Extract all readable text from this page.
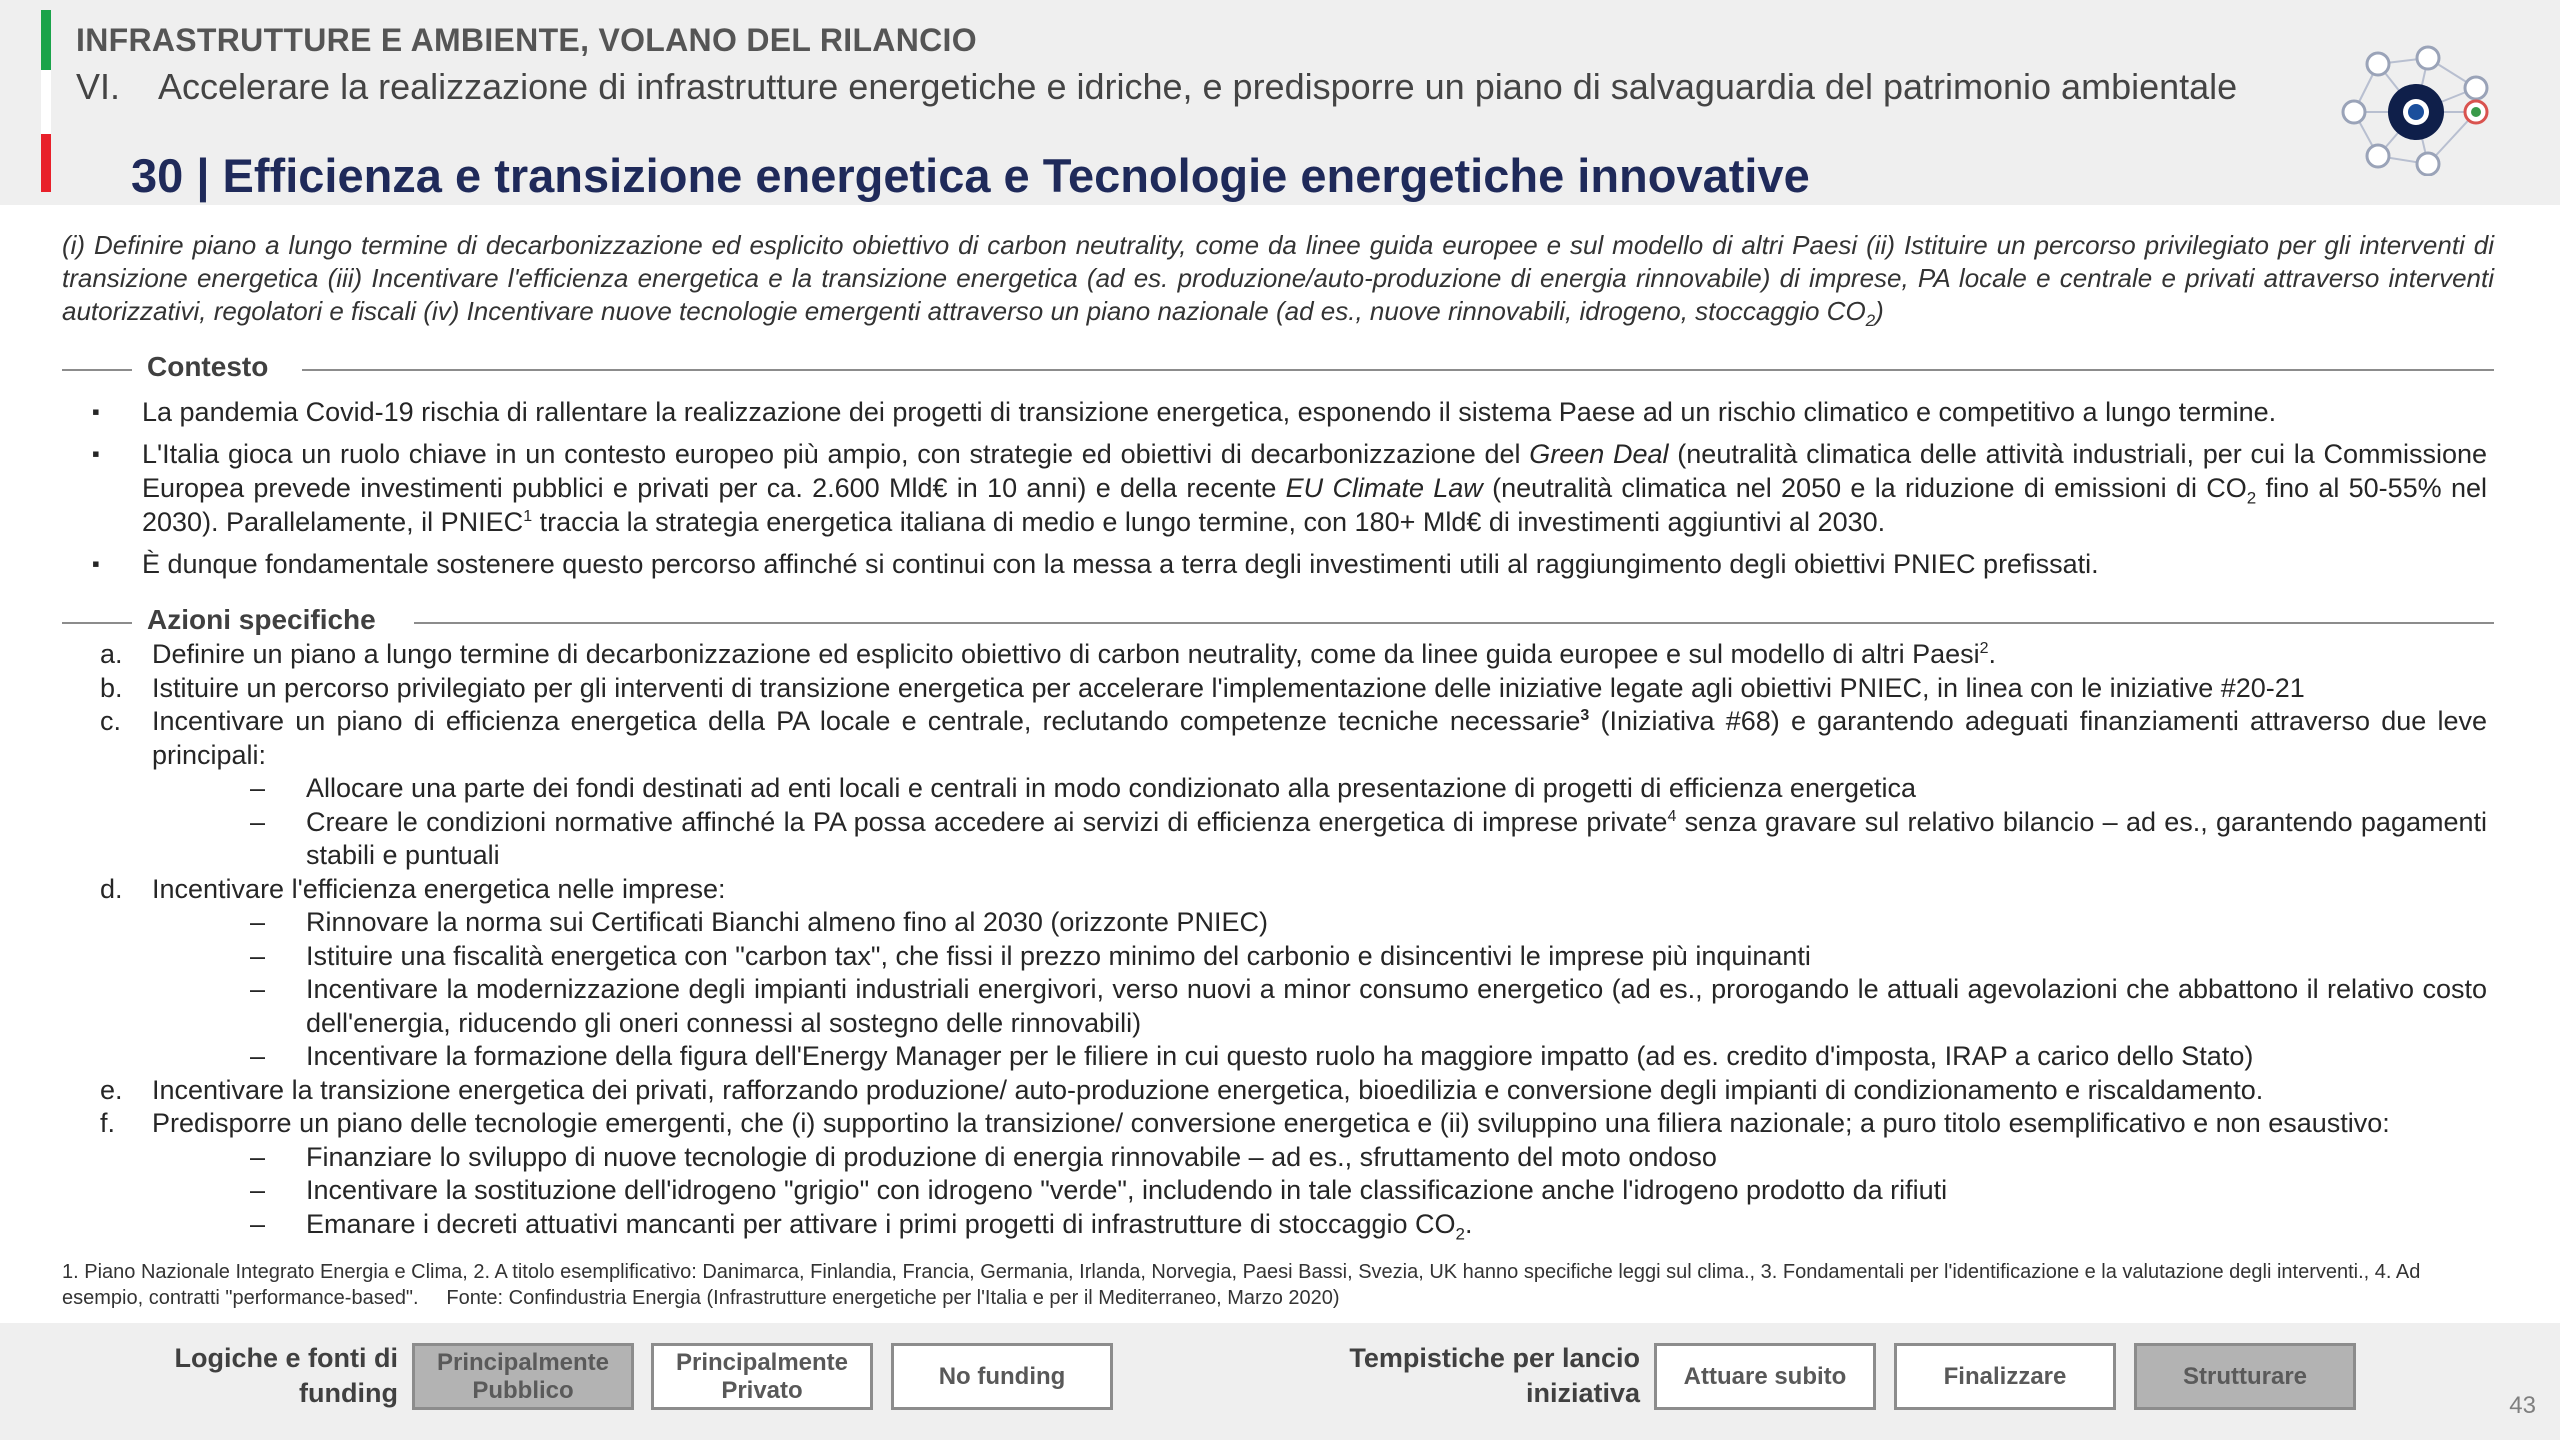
INFRASTRUTTURE E AMBIENTE, VOLANO DEL RILANCIO
VI. Accelerare la realizzazione di infrastrutture energetiche e idriche, e predisporre un piano di salvaguardia del patrimonio ambientale
30 | Efficienza e transizione energetica e Tecnologie energetiche innovative
(i) Definire piano a lungo termine di decarbonizzazione ed esplicito obiettivo di carbon neutrality, come da linee guida europee e sul modello di altri Paesi (ii) Istituire un percorso privilegiato per gli interventi di transizione energetica (iii) Incentivare l'efficienza energetica e la transizione energetica (ad es. produzione/auto-produzione di energia rinnovabile) di imprese, PA locale e centrale e privati attraverso interventi autorizzativi, regolatori e fiscali (iv) Incentivare nuove tecnologie emergenti attraverso un piano nazionale (ad es., nuove rinnovabili, idrogeno, stoccaggio $CO_2$)
Contesto
▪ La pandemia Covid-19 rischia di rallentare la realizzazione dei progetti di transizione energetica, esponendo il sistema Paese ad un rischio climatico e competitivo a lungo termine.
▪ L'Italia gioca un ruolo chiave in un contesto europeo più ampio, con strategie ed obiettivi di decarbonizzazione del Green Deal (neutralità climatica delle attività industriali, per cui la Commissione Europea prevede investimenti pubblici e privati per ca. 2.600 Mld€ in 10 anni) e della recente EU Climate Law (neutralità climatica nel 2050 e la riduzione di emissioni di $CO_2$ fino al 50-55% nel 2030). Parallelamente, il PNIEC$^1$ traccia la strategia energetica italiana di medio e lungo termine, con 180+ Mld€ di investimenti aggiuntivi al 2030.
▪ È dunque fondamentale sostenere questo percorso affinché si continui con la messa a terra degli investimenti utili al raggiungimento degli obiettivi PNIEC prefissati.
Azioni specifiche
a. Definire un piano a lungo termine di decarbonizzazione ed esplicito obiettivo di carbon neutrality, come da linee guida europee e sul modello di altri Paesi$^2$.
b. Istituire un percorso privilegiato per gli interventi di transizione energetica per accelerare l'implementazione delle iniziative legate agli obiettivi PNIEC, in linea con le iniziative #20-21
c. Incentivare un piano di efficienza energetica della PA locale e centrale, reclutando competenze tecniche necessarie$^3$ (Iniziativa #68) e garantendo adeguati finanziamenti attraverso due leve principali:
– Allocare una parte dei fondi destinati ad enti locali e centrali in modo condizionato alla presentazione di progetti di efficienza energetica
– Creare le condizioni normative affinché la PA possa accedere ai servizi di efficienza energetica di imprese private$^4$ senza gravare sul relativo bilancio – ad es., garantendo pagamenti stabili e puntuali
d. Incentivare l'efficienza energetica nelle imprese:
– Rinnovare la norma sui Certificati Bianchi almeno fino al 2030 (orizzonte PNIEC)
– Istituire una fiscalità energetica con "carbon tax", che fissi il prezzo minimo del carbonio e disincentivi le imprese più inquinanti
– Incentivare la modernizzazione degli impianti industriali energivori, verso nuovi a minor consumo energetico (ad es., prorogando le attuali agevolazioni che abbattono il relativo costo dell'energia, riducendo gli oneri connessi al sostegno delle rinnovabili)
– Incentivare la formazione della figura dell'Energy Manager per le filiere in cui questo ruolo ha maggiore impatto (ad es. credito d'imposta, IRAP a carico dello Stato)
e. Incentivare la transizione energetica dei privati, rafforzando produzione/ auto-produzione energetica, bioedilizia e conversione degli impianti di condizionamento e riscaldamento.
f. Predisporre un piano delle tecnologie emergenti, che (i) supportino la transizione/ conversione energetica e (ii) sviluppino una filiera nazionale; a puro titolo esemplificativo e non esaustivo:
– Finanziare lo sviluppo di nuove tecnologie di produzione di energia rinnovabile – ad es., sfruttamento del moto ondoso
– Incentivare la sostituzione dell'idrogeno "grigio" con idrogeno "verde", includendo in tale classificazione anche l'idrogeno prodotto da rifiuti
– Emanare i decreti attuativi mancanti per attivare i primi progetti di infrastrutture di stoccaggio $CO_2$.
1. Piano Nazionale Integrato Energia e Clima, 2. A titolo esemplificativo: Danimarca, Finlandia, Francia, Germania, Irlanda, Norvegia, Paesi Bassi, Svezia, UK hanno specifiche leggi sul clima., 3. Fondamentali per l'identificazione e la valutazione degli interventi., 4. Ad esempio, contratti "performance-based".     Fonte: Confindustria Energia (Infrastrutture energetiche per l'Italia e per il Mediterraneo, Marzo 2020)
Logiche e fonti di
funding
Principalmente
Pubblico
Principalmente
Privato
No funding
Tempistiche per lancio
iniziativa
Attuare subito	Finalizzare	Strutturare
43
